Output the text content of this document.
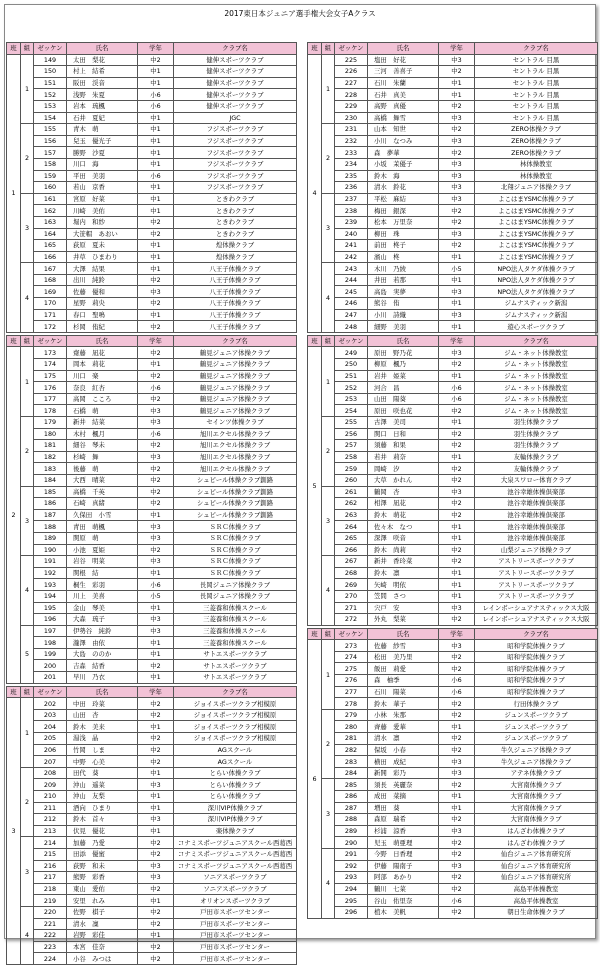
2017東日本ジュニア選手権大会女子Aクラス
班	組	ゼッケン	氏名	学年	クラブ名
1	1	149	太田　梨花	中2	健伸スポーツクラブ
		150	村上　結希	中1	健伸スポーツクラブ
		151	阪田　渓音	中1	健伸スポーツクラブ
		152	浅野　朱夏	小6	健伸スポーツクラブ
		153	岩本　琉楓	小6	健伸スポーツクラブ
		154	石井　夏妃	中1	JGC
	2	155	青木　萌	中1	フジスポーツクラブ
		156	兒玉　優光子	中1	フジスポーツクラブ
		157	勝野　沙夏	中1	フジスポーツクラブ
		158	川口　海	中1	フジスポーツクラブ
		159	平田　美羽	小6	フジスポーツクラブ
		160	若山　京香	中1	フジスポーツクラブ
	3	161	宮原　好菜	中1	ときわクラブ
		162	川崎　美佑	中1	ときわクラブ
		163	堀内　和紗	中2	ときわクラブ
		164	大笹帽　あおい	中2	ときわクラブ
		165	荻原　夏未	中1	煌体操クラブ
		166	井草　ひまわり	中1	煌体操クラブ
	4	167	大澤　結果	中1	八王子体操クラブ
		168	出川　純鈴	中2	八王子体操クラブ
		169	佐藤　優和	中3	八王子体操クラブ
		170	星野　莉央	中2	八王子体操クラブ
		171	春口　聖鳴	中1	八王子体操クラブ
		172	杉岡　侑紀	中2	八王子体操クラブ
班	組	ゼッケン	氏名	学年	クラブ名
2	1	173	齋藤　凪花	中2	鶴見ジュニア体操クラブ
		174	岡本　莉花	中1	鶴見ジュニア体操クラブ
		175	川口　楽	中2	鶴見ジュニア体操クラブ
		176	奈良　紅杏	小6	鶴見ジュニア体操クラブ
		177	高岡　こころ	中2	鶴見ジュニア体操クラブ
		178	石橋　萌	中3	鶴見ジュニア体操クラブ
	2	179	新井　結菜	中3	セインツ体操クラブ
		180	木村　楓月	小6	旭川エクセル体操クラブ
		181	細谷　琴未	中2	旭川エクセル体操クラブ
		182	杉崎　舞	中3	旭川エクセル体操クラブ
		183	後藤　萌	中2	旭川エクセル体操クラブ
		184	大西　晴菜	中2	シュピール体操クラブ釧路
	3	185	高橋　千英	中2	シュピール体操クラブ釧路
		186	石崎　真緒	中2	シュピール体操クラブ釧路
		187	久保田　小雪	中1	シュピール体操クラブ釧路
		188	青田　萌楓	中3	ＳＲＣ体操クラブ
		189	関原　萌	中3	ＳＲＣ体操クラブ
		190	小池　夏姫	中2	ＳＲＣ体操クラブ
	4	191	岩谷　明菜	中3	ＳＲＣ体操クラブ
		192	関根　結	中1	ＳＲＣ体操クラブ
		193	桐生　彩羽	小6	長岡ジュニア体操クラブ
		194	川上　美喜	小5	長岡ジュニア体操クラブ
		195	金山　琴美	中1	三菱養和体操スクール
		196	大森　琉子	中3	三菱養和体操スクール
	5	197	伊勢谷　純鈴	中3	三菱養和体操スクール
		198	瀧澤　由依	中1	三菱養和体操スクール
		199	大島　ののか	中1	サトエスポーツクラブ
		200	吉森　結香	中2	サトエスポーツクラブ
		201	早川　乃衣	中1	サトエスポーツクラブ
班	組	ゼッケン	氏名	学年	クラブ名
3	1	202	中田　玲菜	中2	ジョイスポーツクラブ相模原
		203	山田　杏	中2	ジョイスポーツクラブ相模原
		204	鈴木　美来	中1	ジョイスポーツクラブ相模原
		205	湯浅　晶	中2	ジョイスポーツクラブ相模原
		206	竹岡　しま	中2	AGスクール
		207	中野　心美	中2	AGスクール
	2	208	田代　葵	中1	とらい体操クラブ
		209	沖山　遥菜	中3	とらい体操クラブ
		210	沖山　友梨	中1	とらい体操クラブ
		211	酒向　ひまり	中1	深川VIP体操クラブ
		212	鈴木　首々	中3	深川VIP体操クラブ
		213	伏見　優花	中1	楽体操クラブ
	3	214	加藤　乃愛	中2	コナミスポーツジュニアスクール西葛西
		215	田添　優蜜	中2	コナミスポーツジュニアスクール西葛西
		216	荻野　和未	中3	コナミスポーツジュニアスクール西葛西
		217	熊野　彩香	中3	ソニアスポーツクラブ
		218	東山　愛佑	中2	ソニアスポーツクラブ
		219	安里　れみ	中1	オリオンスポーツクラブ
	4	220	佐野　棋子	中2	戸田市スポーツセンター
		221	清水　凜	中2	戸田市スポーツセンター
		222	岩野　彩佳	中1	戸田市スポーツセンター
		223	本宮　佳奈	中2	戸田市スポーツセンター
		224	小谷　みつは	中2	戸田市スポーツセンター
班	組	ゼッケン	氏名	学年	クラブ名
4	1	225	塩田　好花	中3	セントラル 目黒
		226	三河　善喜子	中2	セントラル 目黒
		227	石川　朱蘭	中1	セントラル 目黒
		228	石井　真美	中1	セントラル 目黒
		229	高野　真優	中2	セントラル 目黒
		230	高橋　舞雪	中3	セントラル 目黒
	2	231	山本　知世	中2	ZERO体操クラブ
		232	小川　なつみ	中3	ZERO体操クラブ
		233	森　夢華	中2	ZERO体操クラブ
		234	小坂　茉優子	中3	林体操教室
		235	鈴木　海	中3	林体操教室
		236	清水　鈴花	中3	北翔ジュニア体操クラブ
	3	237	平松　麻結	中3	よこはまYSMC体操クラブ
		238	梅田　銀深	中2	よこはまYSMC体操クラブ
		239	松本　万里奈	中2	よこはまYSMC体操クラブ
		240	柳田　珠	中3	よこはまYSMC体操クラブ
		241	前田　柊子	中2	よこはまYSMC体操クラブ
		242	濱山　柊	中1	よこはまYSMC体操クラブ
	4	243	木川　乃綾	小5	NPO法人タケダ体操クラブ
		244	井田　若那	中1	NPO法人タケダ体操クラブ
		245	高島　実夢	中3	NPO法人タケダ体操クラブ
		246	熊谷　侑	中1	ジムナスティック新潟
		247	小川　詩織	中3	ジムナスティック新潟
		248	細野　美羽	中1	遊心スポーツクラブ
班	組	ゼッケン	氏名	学年	クラブ名
5	1	249	原田　野乃花	中3	ジム・ネット体操教室
		250	柳原　楓乃	中2	ジム・ネット体操教室
		251	岩井　姫菜	中1	ジム・ネット体操教室
		252	河合　昌	小6	ジム・ネット体操教室
		253	山田　陽葵	小6	ジム・ネット体操教室
		254	原田　咲也花	中2	ジム・ネット体操教室
	2	255	古澤　美司	中1	羽生体操クラブ
		256	関口　日和	中2	羽生体操クラブ
		257	須藤　和果	中2	羽生体操クラブ
		258	若井　莉奈	中1	友輪体操クラブ
		259	岡崎　汐	中2	友輪体操クラブ
		260	大草　かれん	中2	大泉スワロー体育クラブ
	3	261	鶴岡　杏	中3	池谷幸雄体操倶楽部
		262	相澤　凪花	中2	池谷幸雄体操倶楽部
		263	鈴木　萌花	中2	池谷幸雄体操倶楽部
		264	佐々木　なつ	中1	池谷幸雄体操倶楽部
		265	深澤　咲音	中1	池谷幸雄体操倶楽部
		266	鈴木　尚莉	中2	山梨ジュニア体操クラブ
	4	267	新井　香玲菜	中2	アストリースポーツクラブ
		268	鈴木　凛	中1	アストリースポーツクラブ
		269	矢崎　明依	中1	アストリースポーツクラブ
		270	笠間　さつ	中1	アストリースポーツクラブ
		271	宍戸　安	中3	レインボーシュアナスティックス大阪
		272	外丸　梨菜	中2	レインボーシュアナスティックス大阪
班	組	ゼッケン	氏名	学年	クラブ名
6	1	273	佐藤　紗雪	中3	昭和学院体操クラブ
		274	松田　美乃里	中2	昭和学院体操クラブ
		275	飯田　莉愛	中2	昭和学院体操クラブ
		276	森　柚季	小6	昭和学院体操クラブ
		277	石川　陽菜	小6	昭和学院体操クラブ
		278	鈴木　華子	中2	行田体操クラブ
	2	279	小林　朱那	中2	ジュンスポーツクラブ
		280	齊藤　愛華	中1	ジュンスポーツクラブ
		281	清水　凛	中2	ジュンスポーツクラブ
		282	保坂　小春	中2	牛久ジュニア体操クラブ
		283	横田　成紀	中3	牛久ジュニア体操クラブ
		284	新開　彩乃	中3	アテネ体操クラブ
	3	285	須長　英麗奈	中2	大宮南体操クラブ
		286	成田　菜摘	中1	大宮南体操クラブ
		287	増田　葵	中1	大宮南体操クラブ
		288	森原　瑞希	中2	大宮南体操クラブ
		289	杉浦　涼香	中3	はんざわ体操クラブ
		290	児玉　萌亜理	中2	はんざわ体操クラブ
	4	291	今野　日香理	中2	仙台ジュニア体育研究所
		292	伊藤　陽南子	中3	仙台ジュニア体育研究所
		293	阿部　あかり	中2	仙台ジュニア体育研究所
		294	鶴川　七菜	中2	高島平体操教室
		295	谷山　佑里奈	小6	高島平体操教室
		296	植木　美帆	中2	朝日生命体操クラブ
